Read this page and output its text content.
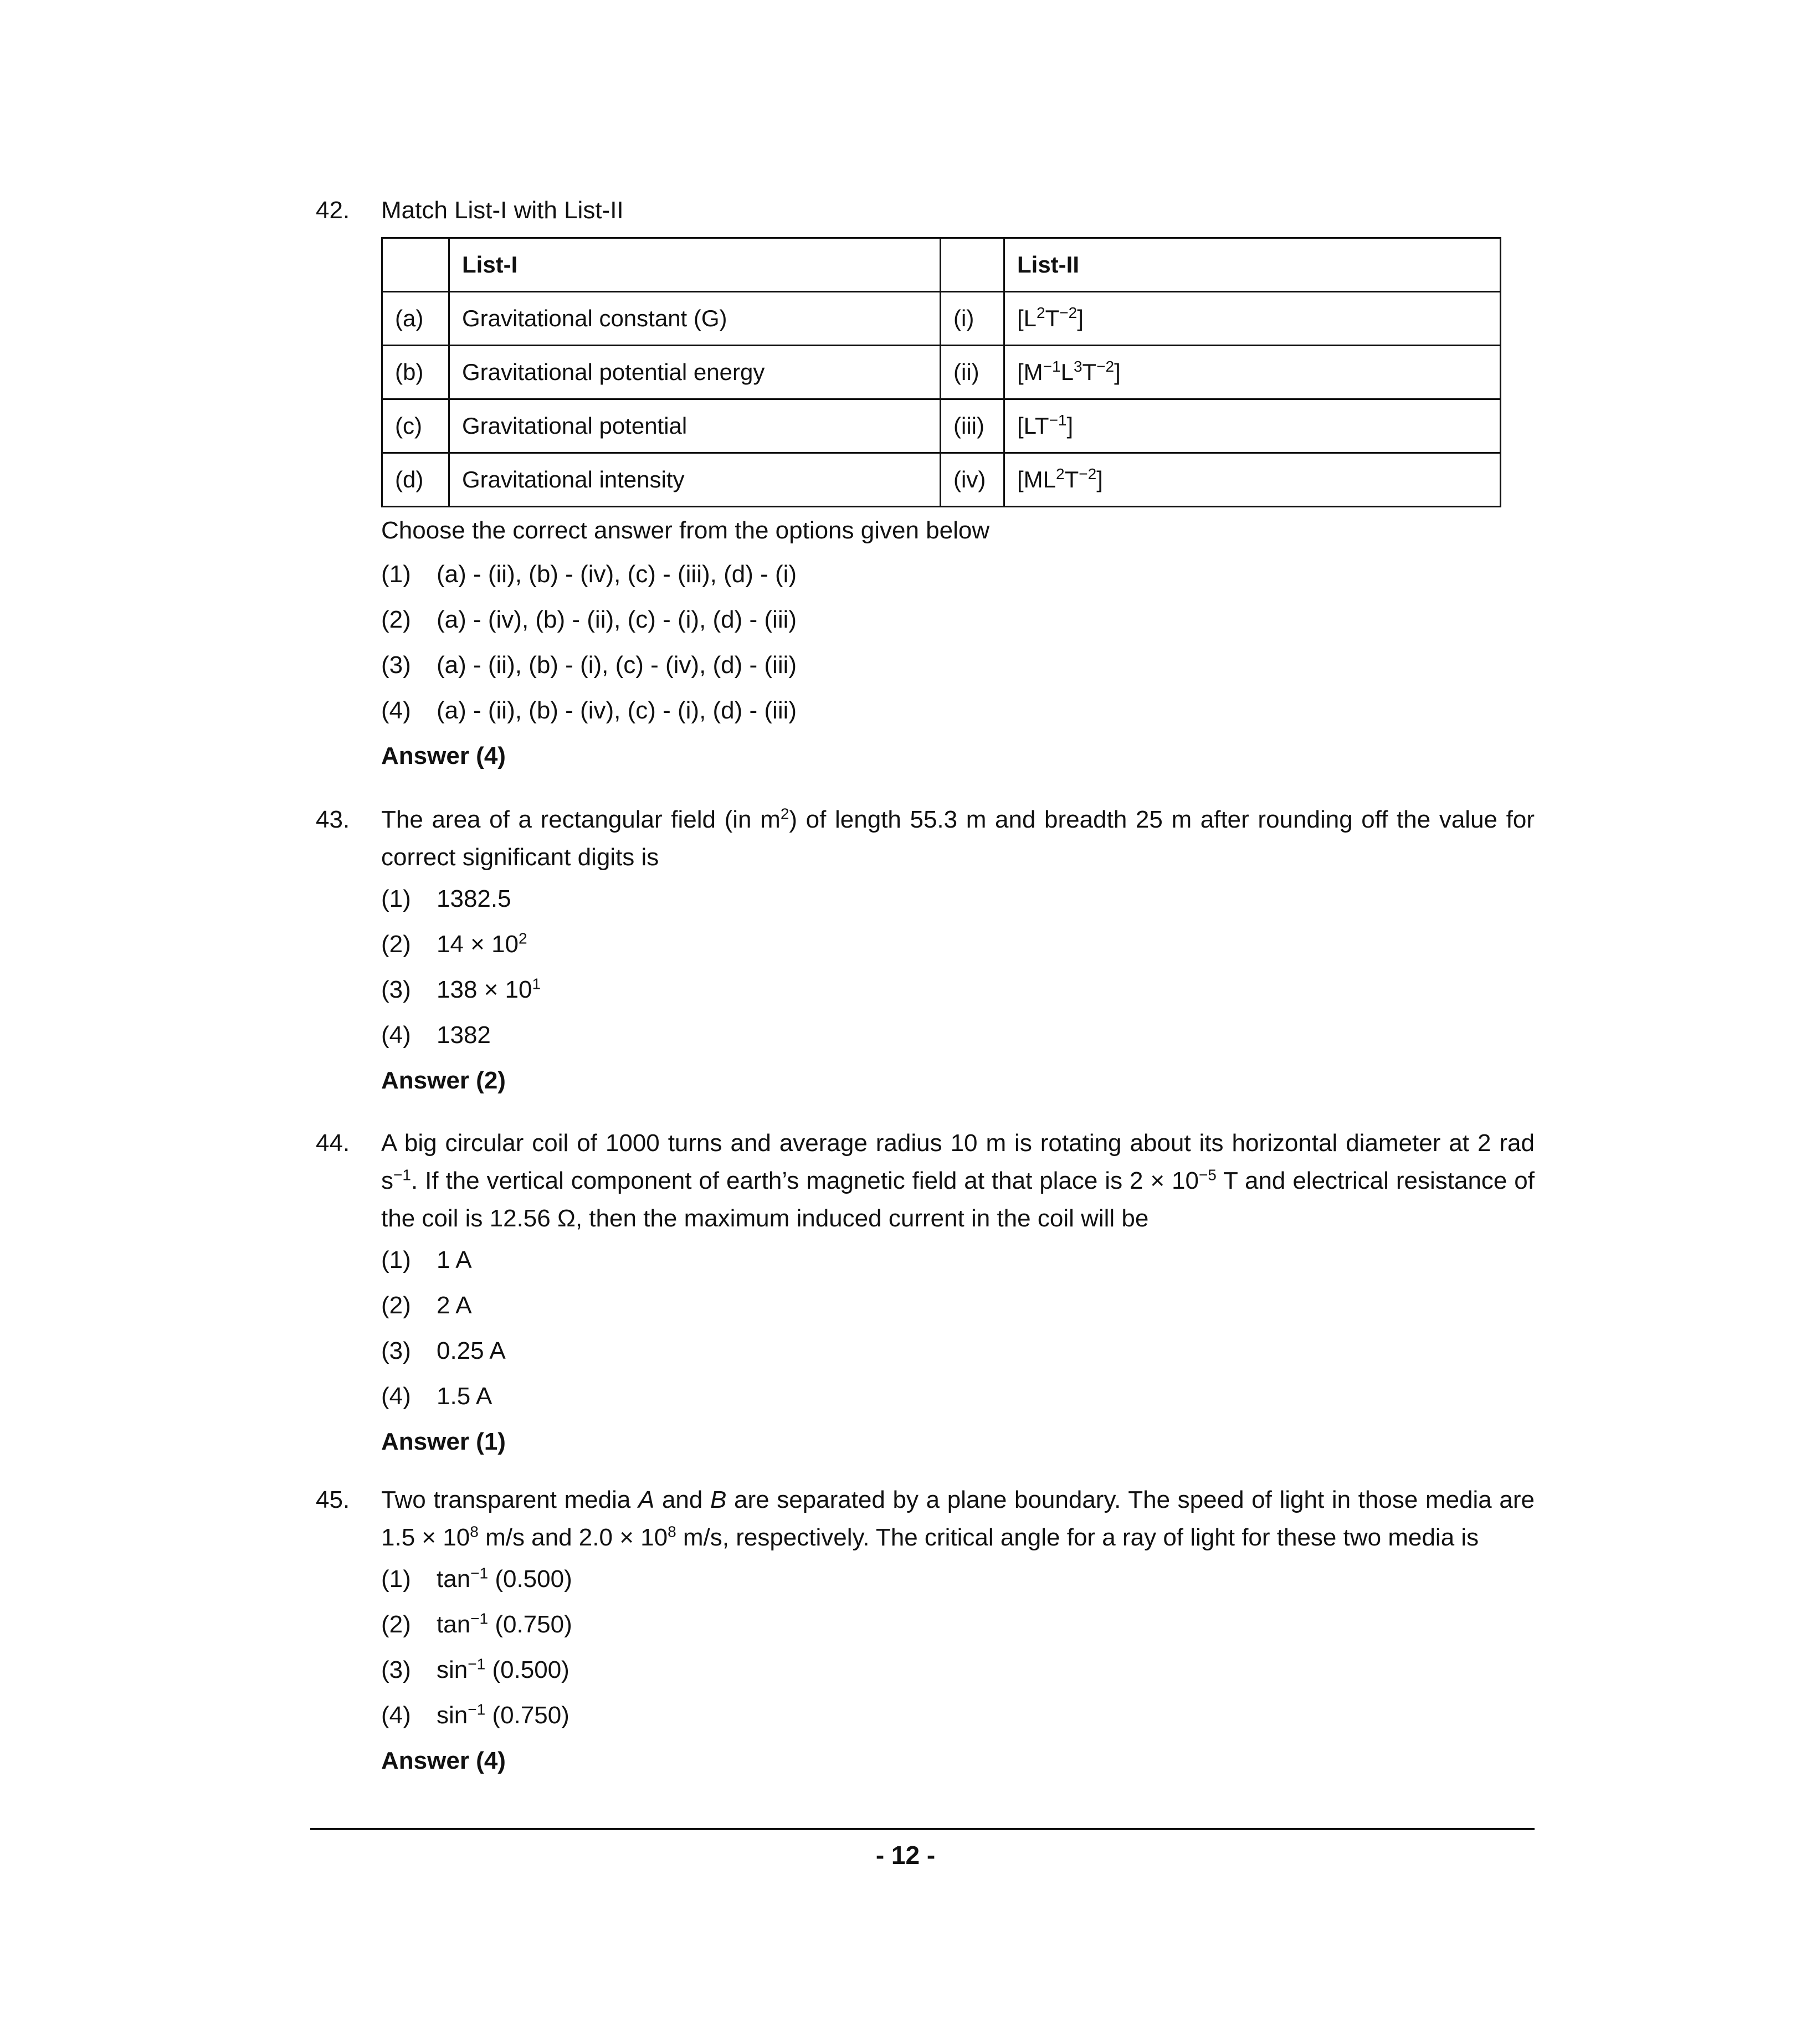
42.	Match List-I with List-II
	List-I		List-II
(a)	Gravitational constant (G)	(i)	$[L^2T^{-2}]$
(b)	Gravitational potential energy	(ii)	$[M^{-1}L^3T^{-2}]$
(c)	Gravitational potential	(iii)	$[LT^{-1}]$
(d)	Gravitational intensity	(iv)	$[ML^2T^{-2}]$
Choose the correct answer from the options given below
(1)	(a) - (ii), (b) - (iv), (c) - (iii), (d) - (i)
(2)	(a) - (iv), (b) - (ii), (c) - (i), (d) - (iii)
(3)	(a) - (ii), (b) - (i), (c) - (iv), (d) - (iii)
(4)	(a) - (ii), (b) - (iv), (c) - (i), (d) - (iii)
Answer (4)
43.	The area of a rectangular field (in $m^2$) of length 55.3 m and breadth 25 m after rounding off the value for correct significant digits is
(1)	1382.5
(2)	$14 \times 10^2$
(3)	$138 \times 10^1$
(4)	1382
Answer (2)
44.	A big circular coil of 1000 turns and average radius 10 m is rotating about its horizontal diameter at 2 rad $s^{-1}$. If the vertical component of earth’s magnetic field at that place is $2 \times 10^{-5}$ T and electrical resistance of the coil is 12.56 Ω, then the maximum induced current in the coil will be
(1)	1 A
(2)	2 A
(3)	0.25 A
(4)	1.5 A
Answer (1)
45.	Two transparent media A and B are separated by a plane boundary. The speed of light in those media are $1.5 \times 10^8$ m/s and $2.0 \times 10^8$ m/s, respectively. The critical angle for a ray of light for these two media is
(1)	$\tan^{-1} (0.500)$
(2)	$\tan^{-1} (0.750)$
(3)	$\sin^{-1} (0.500)$
(4)	$\sin^{-1} (0.750)$
Answer (4)
- 12 -
